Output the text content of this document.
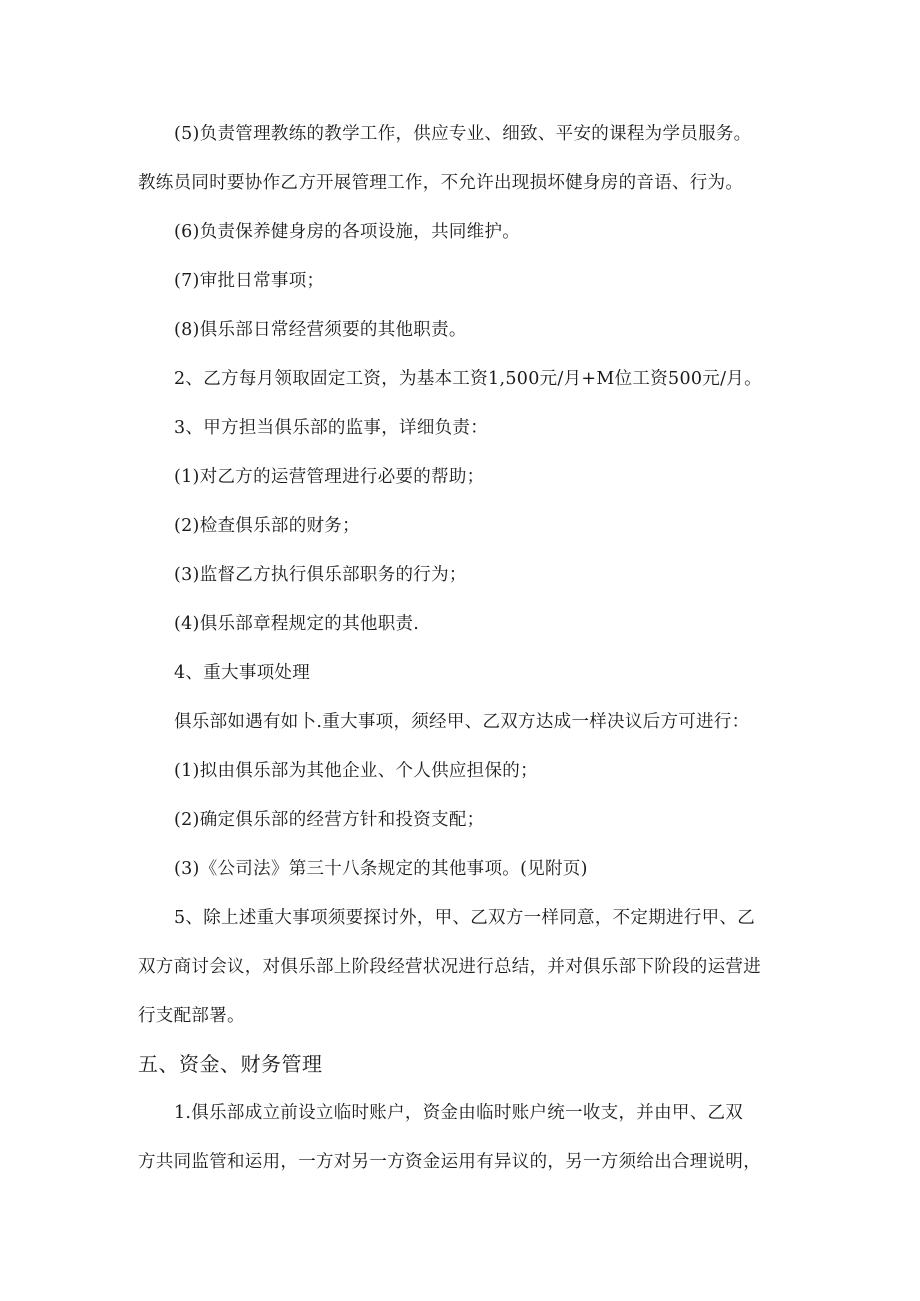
(5)负责管理教练的教学工作，供应专业、细致、平安的课程为学员服务。
教练员同时要协作乙方开展管理工作，不允许出现损坏健身房的音语、行为。
(6)负责保养健身房的各项设施，共同维护。
(7)审批日常事项；
(8)俱乐部日常经营须要的其他职责。
2、乙方每月领取固定工资，为基本工资1,500元/月+M位工资500元/月。
3、甲方担当俱乐部的监事，详细负责：
(1)对乙方的运营管理进行必要的帮助；
(2)检查俱乐部的财务；
(3)监督乙方执行俱乐部职务的行为；
(4)俱乐部章程规定的其他职责.
4、重大事项处理
俱乐部如遇有如卜.重大事项，须经甲、乙双方达成一样决议后方可进行：
(1)拟由俱乐部为其他企业、个人供应担保的；
(2)确定俱乐部的经营方针和投资支配；
(3)《公司法》第三十八条规定的其他事项。(见附页)
5、除上述重大事项须要探讨外，甲、乙双方一样同意，不定期进行甲、乙
双方商讨会议，对俱乐部上阶段经营状况进行总结，并对俱乐部下阶段的运营进
行支配部署。
五、资金、财务管理
1.俱乐部成立前设立临时账户，资金由临时账户统一收支，并由甲、乙双
方共同监管和运用，一方对另一方资金运用有异议的，另一方须给出合理说明，
